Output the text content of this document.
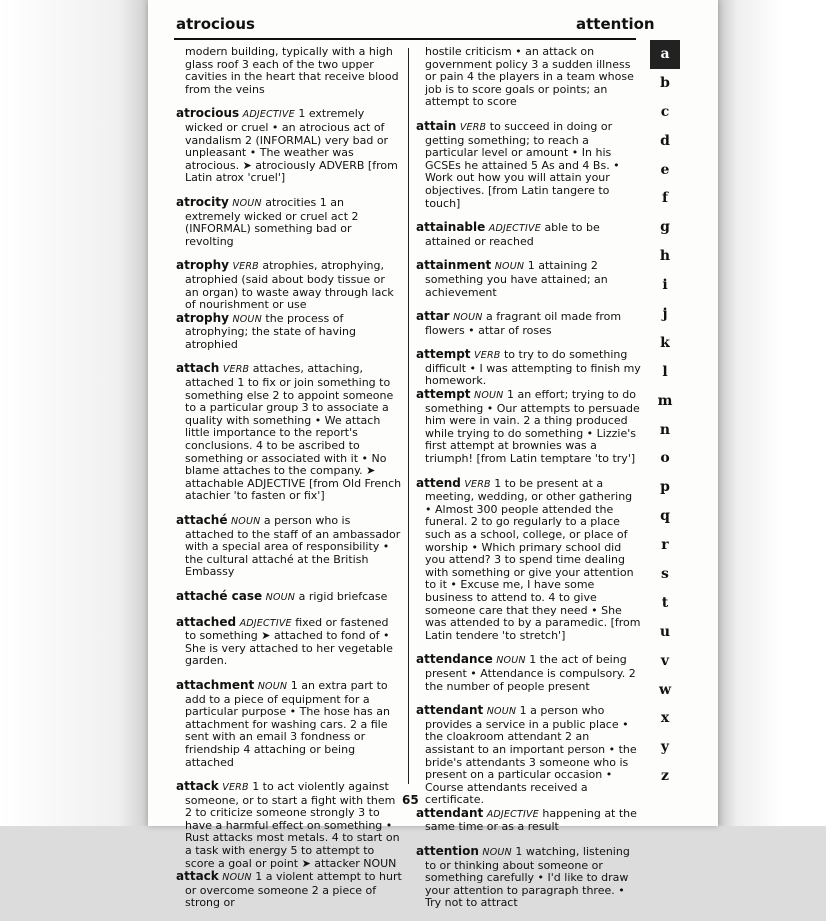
atrocious	attention

modern building, typically with a high glass roof 3 each of the two upper cavities in the heart that receive blood from the veins

atrocious ADJECTIVE 1 extremely wicked or cruel • an atrocious act of vandalism 2 (INFORMAL) very bad or unpleasant • The weather was atrocious. ➤ atrociously ADVERB [from Latin atrox 'cruel']

atrocity NOUN atrocities 1 an extremely wicked or cruel act 2 (INFORMAL) something bad or revolting

atrophy VERB atrophies, atrophying, atrophied (said about body tissue or an organ) to waste away through lack of nourishment or use

atrophy NOUN the process of atrophying; the state of having atrophied

attach VERB attaches, attaching, attached 1 to fix or join something to something else 2 to appoint someone to a particular group 3 to associate a quality with something • We attach little importance to the report's conclusions. 4 to be ascribed to something or associated with it • No blame attaches to the company. ➤ attachable ADJECTIVE [from Old French atachier 'to fasten or fix']

attaché NOUN a person who is attached to the staff of an ambassador with a special area of responsibility • the cultural attaché at the British Embassy

attaché case NOUN a rigid briefcase

attached ADJECTIVE fixed or fastened to something ➤ attached to fond of • She is very attached to her vegetable garden.

attachment NOUN 1 an extra part to add to a piece of equipment for a particular purpose • The hose has an attachment for washing cars. 2 a file sent with an email 3 fondness or friendship 4 attaching or being attached

attack VERB 1 to act violently against someone, or to start a fight with them 2 to criticize someone strongly 3 to have a harmful effect on something • Rust attacks most metals. 4 to start on a task with energy 5 to attempt to score a goal or point ➤ attacker NOUN

attack NOUN 1 a violent attempt to hurt or overcome someone 2 a piece of strong or

hostile criticism • an attack on government policy 3 a sudden illness or pain 4 the players in a team whose job is to score goals or points; an attempt to score

attain VERB to succeed in doing or getting something; to reach a particular level or amount • In his GCSEs he attained 5 As and 4 Bs. • Work out how you will attain your objectives. [from Latin tangere to touch]

attainable ADJECTIVE able to be attained or reached

attainment NOUN 1 attaining 2 something you have attained; an achievement

attar NOUN a fragrant oil made from flowers • attar of roses

attempt VERB to try to do something difficult • I was attempting to finish my homework.

attempt NOUN 1 an effort; trying to do something • Our attempts to persuade him were in vain. 2 a thing produced while trying to do something • Lizzie's first attempt at brownies was a triumph! [from Latin temptare 'to try']

attend VERB 1 to be present at a meeting, wedding, or other gathering • Almost 300 people attended the funeral. 2 to go regularly to a place such as a school, college, or place of worship • Which primary school did you attend? 3 to spend time dealing with something or give your attention to it • Excuse me, I have some business to attend to. 4 to give someone care that they need • She was attended to by a paramedic. [from Latin tendere 'to stretch']

attendance NOUN 1 the act of being present • Attendance is compulsory. 2 the number of people present

attendant NOUN 1 a person who provides a service in a public place • the cloakroom attendant 2 an assistant to an important person • the bride's attendants 3 someone who is present on a particular occasion • Course attendants received a certificate.

attendant ADJECTIVE happening at the same time or as a result

attention NOUN 1 watching, listening to or thinking about someone or something carefully • I'd like to draw your attention to paragraph three. • Try not to attract

a
b
c
d
e
f
g
h
i
j
k
l
m
n
o
p
q
r
s
t
u
v
w
x
y
z
65
